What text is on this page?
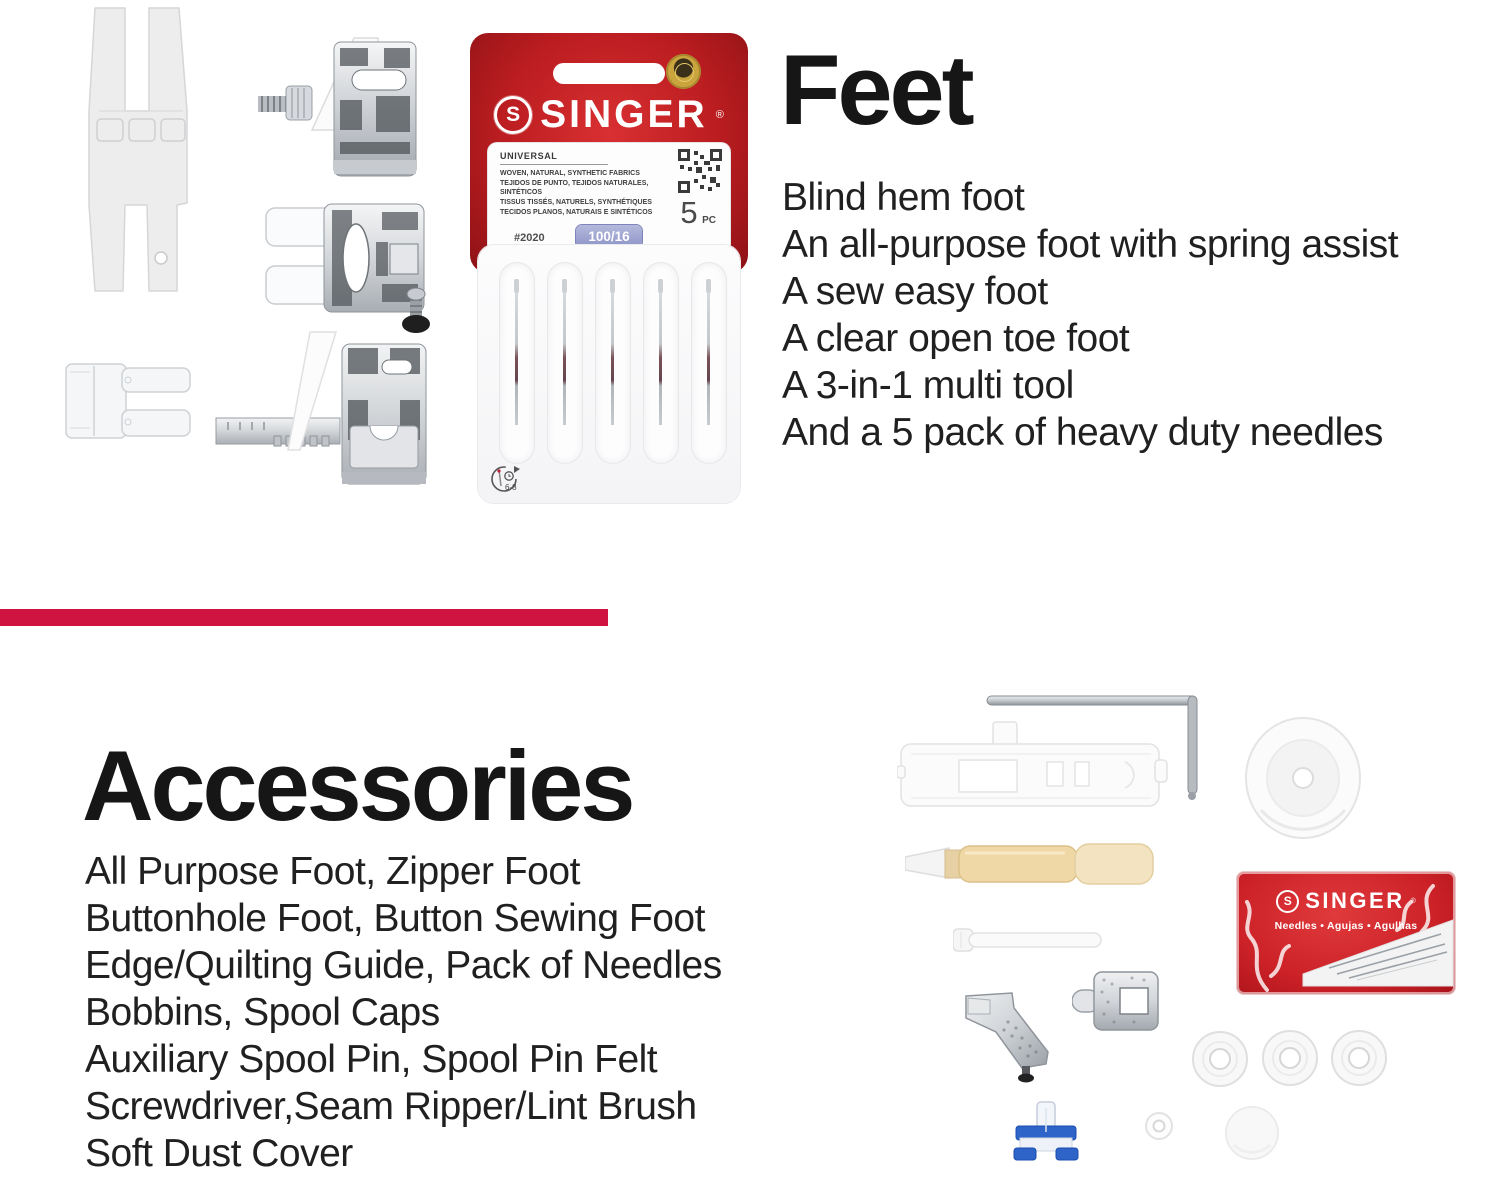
S SINGER ®
UNIVERSAL
WOVEN, NATURAL, SYNTHETIC FABRICS
TEJIDOS DE PUNTO, TEJIDOS NATURALES, SINTÉTICOS
TISSUS TISSÉS, NATURELS, SYNTHÉTIQUES
TECIDOS PLANOS, NATURAIS E SINTÉTICOS 5 PC
#2020	100/16
6-8
Feet
Blind hem foot
An all-purpose foot with spring assist
A sew easy foot
A clear open toe foot
A 3-in-1 multi tool
And a 5 pack of heavy duty needles
Accessories
All Purpose Foot, Zipper Foot
Buttonhole Foot, Button Sewing Foot
Edge/Quilting Guide, Pack of Needles
Bobbins, Spool Caps
Auxiliary Spool Pin, Spool Pin Felt
Screwdriver,Seam Ripper/Lint Brush
Soft Dust Cover
S SINGER ®
Needles • Agujas • Agulhas
